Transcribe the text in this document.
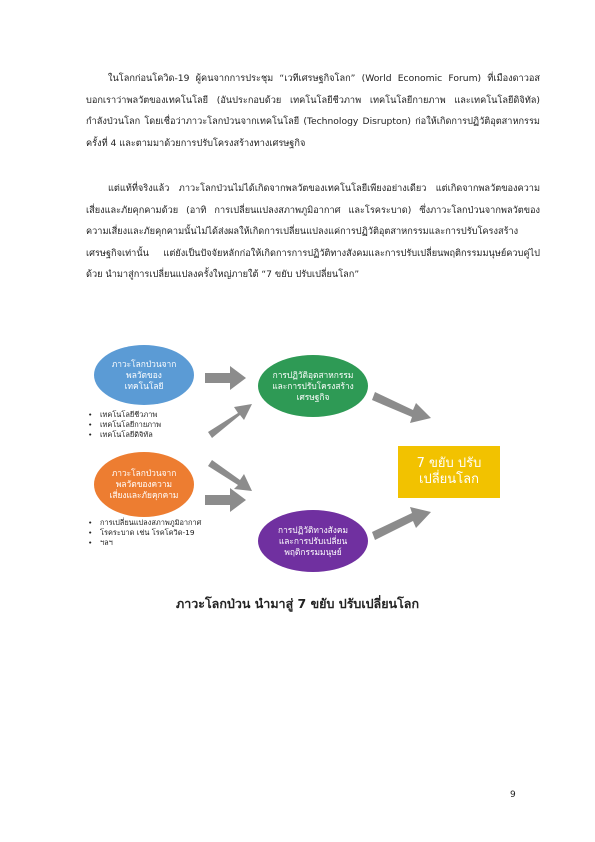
ในโลกก่อนโควิด-19 ผู้คนจากการประชุม “เวทีเศรษฐกิจโลก” (World Economic Forum) ที่เมืองดาวอส บอกเราว่าพลวัตของเทคโนโลยี (อันประกอบด้วย เทคโนโลยีชีวภาพ เทคโนโลยีกายภาพ และเทคโนโลยีดิจิทัล) กำลังป่วนโลก โดยเชื่อว่าภาวะโลกป่วนจากเทคโนโลยี (Technology Disrupton) ก่อให้เกิดการปฏิวัติอุตสาหกรรมครั้งที่ 4 และตามมาด้วยการปรับโครงสร้างทางเศรษฐกิจ

แต่แท้ที่จริงแล้ว ภาวะโลกป่วนไม่ได้เกิดจากพลวัตของเทคโนโลยีเพียงอย่างเดียว แต่เกิดจากพลวัตของความเสี่ยงและภัยคุกคามด้วย (อาทิ การเปลี่ยนแปลงสภาพภูมิอากาศ และโรคระบาด) ซึ่งภาวะโลกป่วนจากพลวัตของความเสี่ยงและภัยคุกคามนั้นไม่ได้ส่งผลให้เกิดการเปลี่ยนแปลงแค่การปฏิวัติอุตสาหกรรมและการปรับโครงสร้างเศรษฐกิจเท่านั้น แต่ยังเป็นปัจจัยหลักก่อให้เกิดการการปฏิวัติทางสังคมและการปรับเปลี่ยนพฤติกรรมมนุษย์ควบคู่ไปด้วย นำมาสู่การเปลี่ยนแปลงครั้งใหญ่ภายใต้ “7 ขยับ ปรับเปลี่ยนโลก”

ภาวะโลกป่วนจากพลวัตของเทคโนโลยี
• เทคโนโลยีชีวภาพ
• เทคโนโลยีกายภาพ
• เทคโนโลยีดิจิทัล
ภาวะโลกป่วนจากพลวัตของความเสี่ยงและภัยคุกคาม
• การเปลี่ยนแปลงสภาพภูมิอากาศ
• โรคระบาด เช่น โรคโควิด-19
• ฯลฯ
การปฏิวัติอุตสาหกรรมและการปรับโครงสร้างเศรษฐกิจ
การปฏิวัติทางสังคมและการปรับเปลี่ยนพฤติกรรมมนุษย์
7 ขยับ ปรับเปลี่ยนโลก
ภาวะโลกป่วน นำมาสู่ 7 ขยับ ปรับเปลี่ยนโลก
9
